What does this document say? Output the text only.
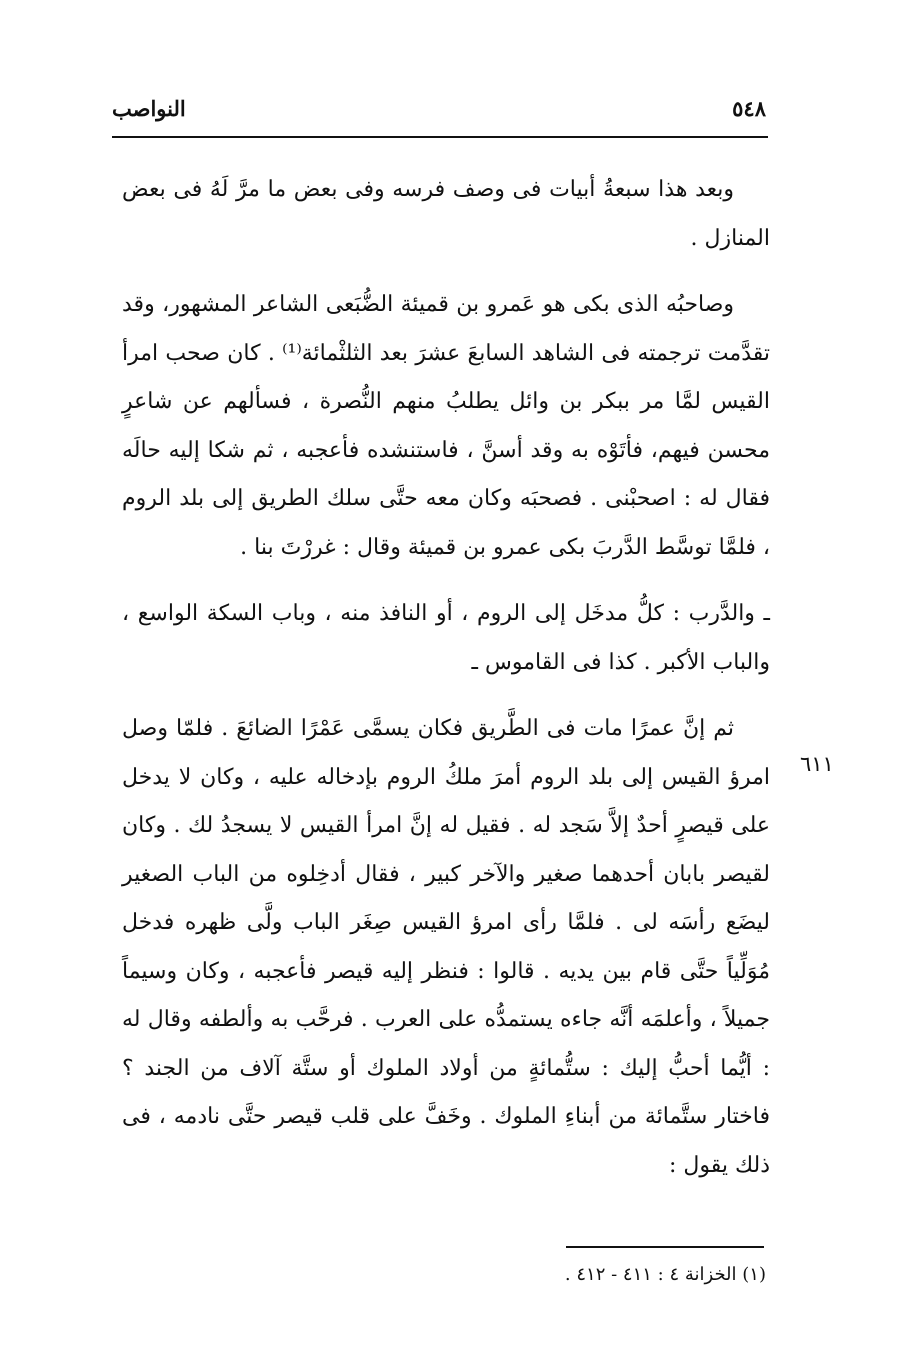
٥٤٨
النواصب

وبعد هذا سبعةُ أبيات فى وصف فرسه وفى بعض ما مرَّ لَهُ فى بعض المنازل .

وصاحبُه الذى بكى هو عَمرو بن قميئة الضُّبَعى الشاعر المشهور، وقد تقدَّمت ترجمته فى الشاهد السابعَ عشرَ بعد الثلثْمائة⁽¹⁾ . كان صحب امرأ القيس لمَّا مر ببكر بن وائل يطلبُ منهم النُّصرة ، فسألهم عن شاعرٍ محسن فيهم، فأتَوْه به وقد أسنَّ ، فاستنشده فأعجبه ، ثم شكا إليه حالَه فقال له : اصحبْنى . فصحبَه وكان معه حتَّى سلك الطريق إلى بلد الروم ، فلمَّا توسَّط الدَّربَ بكى عمرو بن قميئة وقال : غررْتَ بنا .

ـ والدَّرب : كلُّ مدخَل إلى الروم ، أو النافذ منه ، وباب السكة الواسع ، والباب الأكبر . كذا فى القاموس ـ

ثم إنَّ عمرًا مات فى الطَّريق فكان يسمَّى عَمْرًا الضائعَ . فلمّا وصل امرؤ القيس إلى بلد الروم أمرَ ملكُ الروم بإدخاله عليه ، وكان لا يدخل على قيصرٍ أحدٌ إلاَّ سَجد له . فقيل له إنَّ امرأ القيس لا يسجدُ لك . وكان لقيصر بابان أحدهما صغير والآخر كبير ، فقال أدخِلوه من الباب الصغير ليضَع رأسَه لى . فلمَّا رأى امرؤ القيس صِغَر الباب ولَّى ظهره فدخل مُوَلِّياً حتَّى قام بين يديه . قالوا : فنظر إليه قيصر فأعجبه ، وكان وسيماً جميلاً ، وأعلمَه أنَّه جاءه يستمدُّه على العرب . فرحَّب به وألطفه وقال له : أيُّما أحبُّ إليك : ستُّمائةٍ من أولاد الملوك أو ستَّة آلاف من الجند ؟ فاختار ستَّمائة من أبناءِ الملوك . وخَفَّ على قلب قيصر حتَّى نادمه ، فى ذلك يقول :

٦١١
(١) الخزانة ٤ : ٤١١ - ٤١٢ .
